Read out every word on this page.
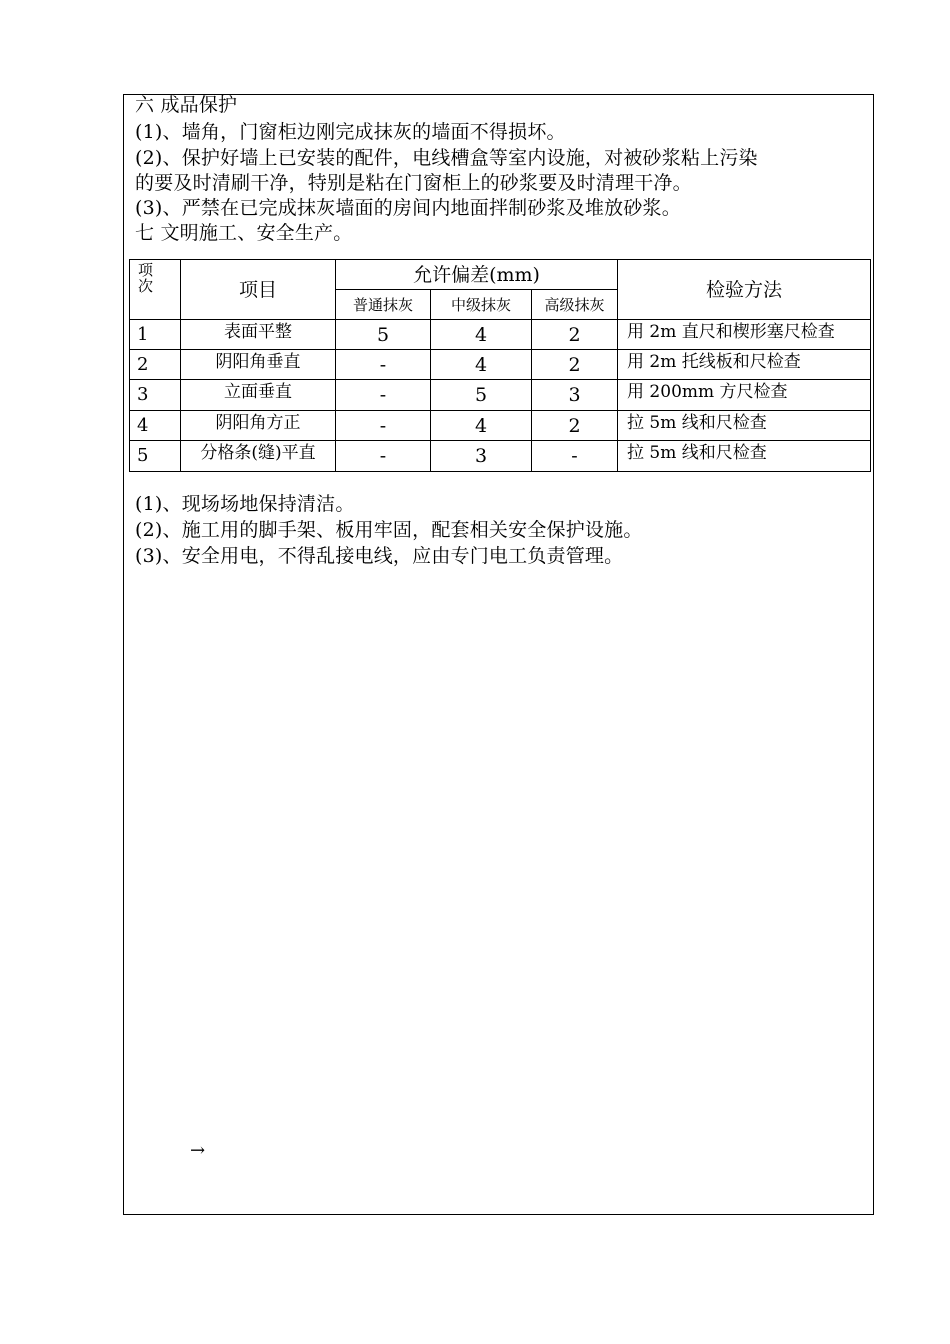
六 成品保护
(1)、墙角，门窗柜边刚完成抹灰的墙面不得损坏。
(2)、保护好墙上已安装的配件，电线槽盒等室内设施，对被砂浆粘上污染
的要及时清刷干净，特别是粘在门窗柜上的砂浆要及时清理干净。
(3)、严禁在已完成抹灰墙面的房间内地面拌制砂浆及堆放砂浆。
七 文明施工、安全生产。
项
次	项目	允许偏差(mm)			检验方法
		普通抹灰	中级抹灰	高级抹灰	
1	表面平整	5	4	2	用 2m 直尺和楔形塞尺检查
2	阴阳角垂直	-	4	2	用 2m 托线板和尺检查
3	立面垂直	-	5	3	用 200mm 方尺检查
4	阴阳角方正	-	4	2	拉 5m 线和尺检查
5	分格条(缝)平直	-	3	-	拉 5m 线和尺检查
(1)、现场场地保持清洁。
(2)、施工用的脚手架、板用牢固，配套相关安全保护设施。
(3)、安全用电，不得乱接电线，应由专门电工负责管理。
→
